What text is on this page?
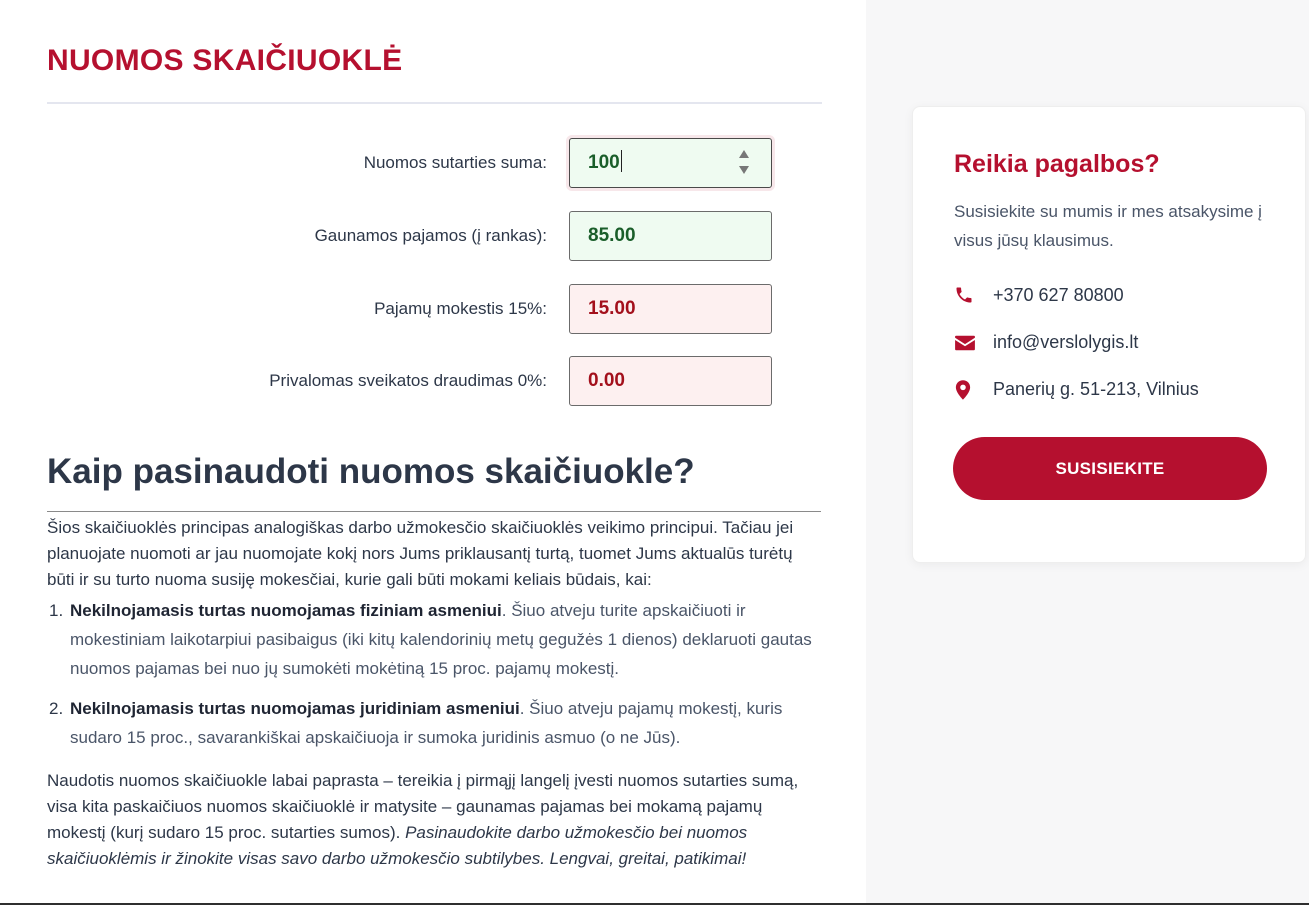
NUOMOS SKAIČIUOKLĖ
Nuomos sutarties suma:	100
Gaunamos pajamos (į rankas):	85.00
Pajamų mokestis 15%:	15.00
Privalomas sveikatos draudimas 0%:	0.00
Kaip pasinaudoti nuomos skaičiuokle?

Šios skaičiuoklės principas analogiškas darbo užmokesčio skaičiuoklės veikimo principui. Tačiau jei planuojate nuomoti ar jau nuomojate kokį nors Jums priklausantį turtą, tuomet Jums aktualūs turėtų būti ir su turto nuoma susiję mokesčiai, kurie gali būti mokami keliais būdais, kai:

1. Nekilnojamasis turtas nuomojamas fiziniam asmeniui. Šiuo atveju turite apskaičiuoti ir mokestiniam laikotarpiui pasibaigus (iki kitų kalendorinių metų gegužės 1 dienos) deklaruoti gautas nuomos pajamas bei nuo jų sumokėti mokėtiną 15 proc. pajamų mokestį.
2. Nekilnojamasis turtas nuomojamas juridiniam asmeniui. Šiuo atveju pajamų mokestį, kuris sudaro 15 proc., savarankiškai apskaičiuoja ir sumoka juridinis asmuo (o ne Jūs).

Naudotis nuomos skaičiuokle labai paprasta – tereikia į pirmąjį langelį įvesti nuomos sutarties sumą, visa kita paskaičiuos nuomos skaičiuoklė ir matysite – gaunamas pajamas bei mokamą pajamų mokestį (kurį sudaro 15 proc. sutarties sumos). Pasinaudokite darbo užmokesčio bei nuomos skaičiuoklėmis ir žinokite visas savo darbo užmokesčio subtilybes. Lengvai, greitai, patikimai!

Reikia pagalbos?

Susisiekite su mumis ir mes atsakysime į visus jūsų klausimus.

+370 627 80800
info@verslolygis.lt
Panerių g. 51-213, Vilnius
SUSISIEKITE
